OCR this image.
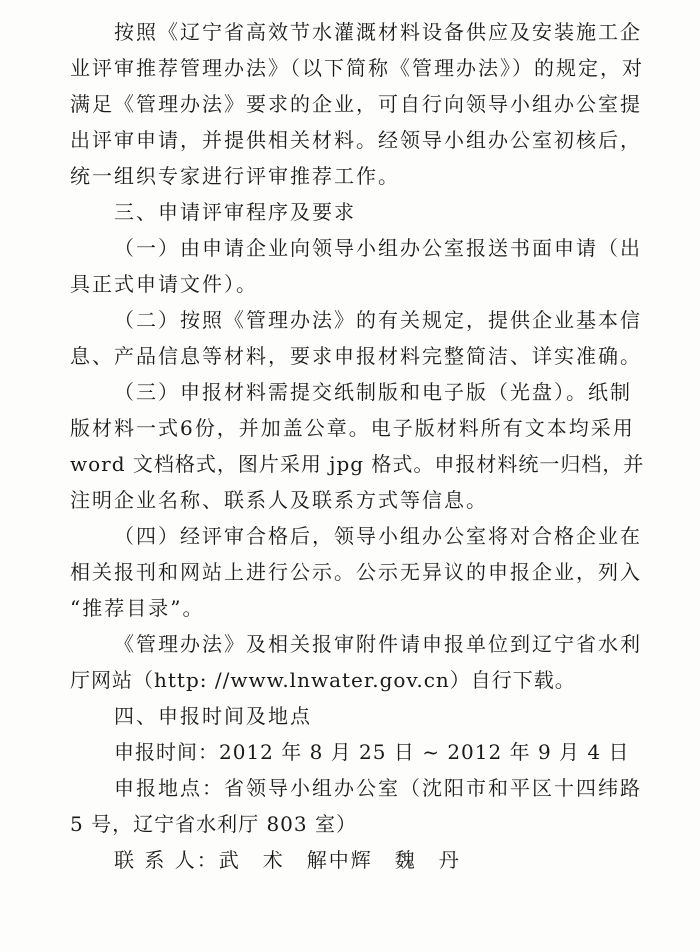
按照《辽宁省高效节水灌溉材料设备供应及安装施工企
业评审推荐管理办法》（以下简称《管理办法》）的规定，对
满足《管理办法》要求的企业，可自行向领导小组办公室提
出评审申请，并提供相关材料。经领导小组办公室初核后，
统一组织专家进行评审推荐工作。
三、申请评审程序及要求
（一）由申请企业向领导小组办公室报送书面申请（出
具正式申请文件）。
（二）按照《管理办法》的有关规定，提供企业基本信
息、产品信息等材料，要求申报材料完整简洁、详实准确。
（三）申报材料需提交纸制版和电子版（光盘）。纸制
版材料一式6份，并加盖公章。电子版材料所有文本均采用
word 文档格式，图片采用 jpg 格式。申报材料统一归档，并
注明企业名称、联系人及联系方式等信息。
（四）经评审合格后，领导小组办公室将对合格企业在
相关报刊和网站上进行公示。公示无异议的申报企业，列入
“推荐目录”。
《管理办法》及相关报审附件请申报单位到辽宁省水利
厅网站（http: //www.lnwater.gov.cn）自行下载。
四、申报时间及地点
申报时间：2012 年 8 月 25 日 ~ 2012 年 9 月 4 日
申报地点：省领导小组办公室（沈阳市和平区十四纬路
5 号，辽宁省水利厅 803 室）
联 系 人：武　术　解中辉　魏　丹
